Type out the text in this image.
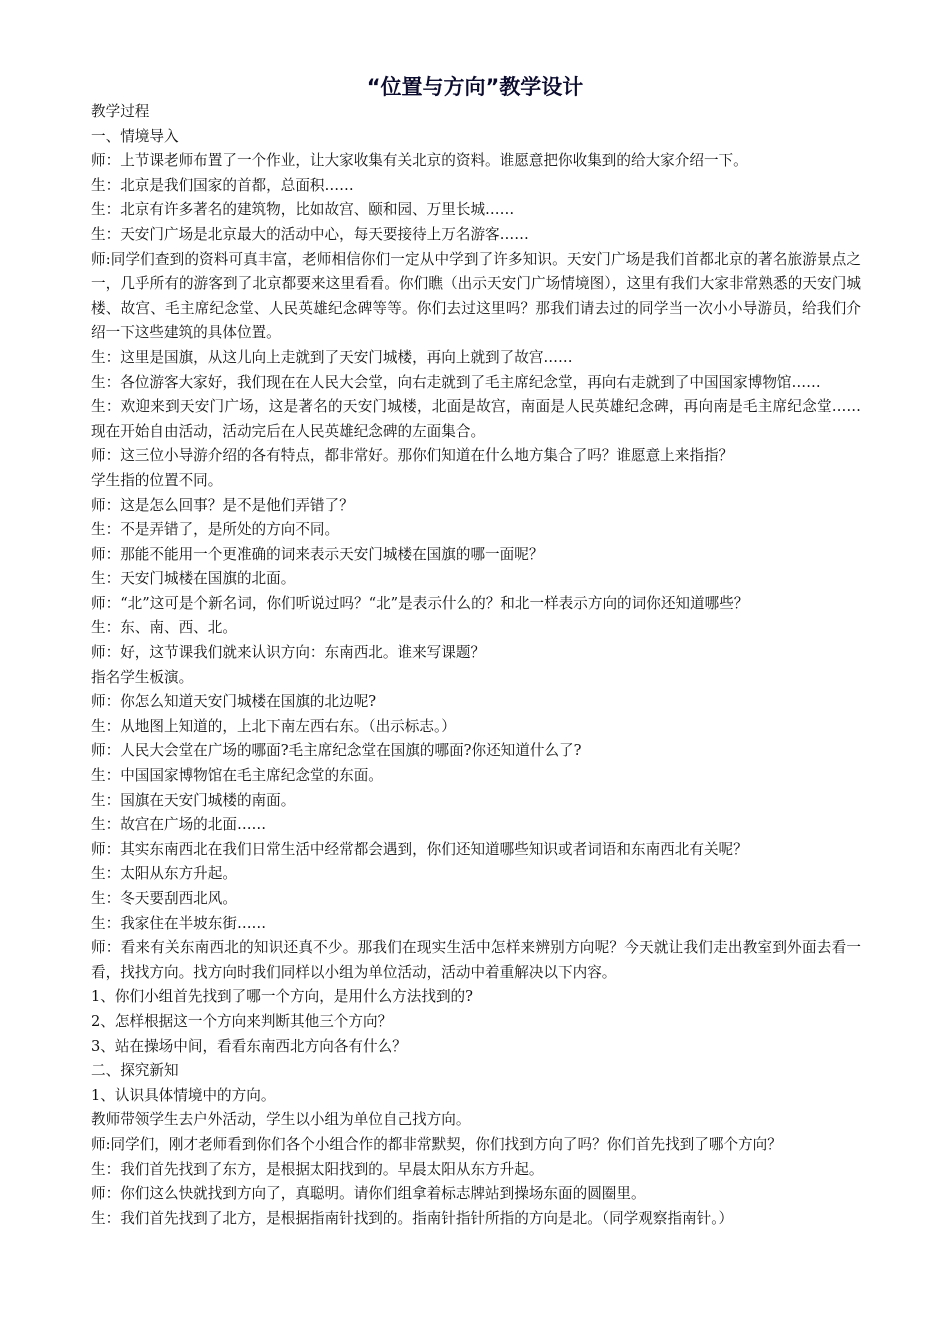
“位置与方向”教学设计

教学过程

一、情境导入

师：上节课老师布置了一个作业，让大家收集有关北京的资料。谁愿意把你收集到的给大家介绍一下。

生：北京是我们国家的首都，总面积……

生：北京有许多著名的建筑物，比如故宫、颐和园、万里长城……

生：天安门广场是北京最大的活动中心，每天要接待上万名游客……

师:同学们查到的资料可真丰富，老师相信你们一定从中学到了许多知识。天安门广场是我们首都北京的著名旅游景点之一，几乎所有的游客到了北京都要来这里看看。你们瞧（出示天安门广场情境图），这里有我们大家非常熟悉的天安门城楼、故宫、毛主席纪念堂、人民英雄纪念碑等等。你们去过这里吗？那我们请去过的同学当一次小小导游员，给我们介绍一下这些建筑的具体位置。

生：这里是国旗，从这儿向上走就到了天安门城楼，再向上就到了故宫……

生：各位游客大家好，我们现在在人民大会堂，向右走就到了毛主席纪念堂，再向右走就到了中国国家博物馆……

生：欢迎来到天安门广场，这是著名的天安门城楼，北面是故宫，南面是人民英雄纪念碑，再向南是毛主席纪念堂……现在开始自由活动，活动完后在人民英雄纪念碑的左面集合。

师：这三位小导游介绍的各有特点，都非常好。那你们知道在什么地方集合了吗？谁愿意上来指指？

学生指的位置不同。

师：这是怎么回事？是不是他们弄错了？

生：不是弄错了，是所处的方向不同。

师：那能不能用一个更准确的词来表示天安门城楼在国旗的哪一面呢？

生：天安门城楼在国旗的北面。

师：“北”这可是个新名词，你们听说过吗？“北”是表示什么的？和北一样表示方向的词你还知道哪些？

生：东、南、西、北。

师：好，这节课我们就来认识方向：东南西北。谁来写课题？

指名学生板演。

师：你怎么知道天安门城楼在国旗的北边呢?

生：从地图上知道的，上北下南左西右东。（出示标志。）

师：人民大会堂在广场的哪面?毛主席纪念堂在国旗的哪面?你还知道什么了?

生：中国国家博物馆在毛主席纪念堂的东面。

生：国旗在天安门城楼的南面。

生：故宫在广场的北面……

师：其实东南西北在我们日常生活中经常都会遇到，你们还知道哪些知识或者词语和东南西北有关呢？

生：太阳从东方升起。

生：冬天要刮西北风。

生：我家住在半坡东街……

师：看来有关东南西北的知识还真不少。那我们在现实生活中怎样来辨别方向呢？今天就让我们走出教室到外面去看一看，找找方向。找方向时我们同样以小组为单位活动，活动中着重解决以下内容。

1、你们小组首先找到了哪一个方向，是用什么方法找到的?

2、怎样根据这一个方向来判断其他三个方向？

3、站在操场中间，看看东南西北方向各有什么？

二、探究新知

1、认识具体情境中的方向。

教师带领学生去户外活动，学生以小组为单位自己找方向。

师:同学们，刚才老师看到你们各个小组合作的都非常默契，你们找到方向了吗？你们首先找到了哪个方向？

生：我们首先找到了东方，是根据太阳找到的。早晨太阳从东方升起。

师：你们这么快就找到方向了，真聪明。请你们组拿着标志牌站到操场东面的圆圈里。

生：我们首先找到了北方，是根据指南针找到的。指南针指针所指的方向是北。（同学观察指南针。）
